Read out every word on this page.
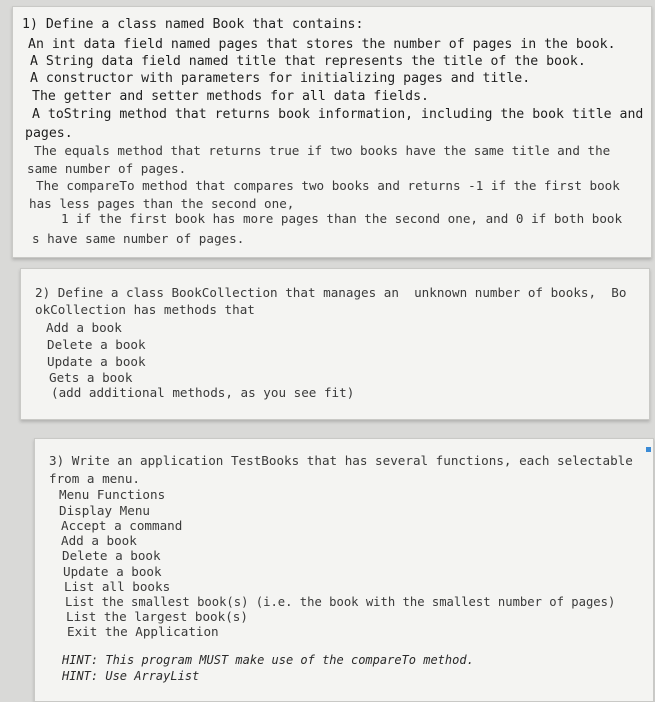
1) Define a class named Book that contains:
An int data field named pages that stores the number of pages in the book.
A String data field named title that represents the title of the book.
A constructor with parameters for initializing pages and title.
The getter and setter methods for all data fields.
A toString method that returns book information, including the book title and
pages.
The equals method that returns true if two books have the same title and the
same number of pages.
The compareTo method that compares two books and returns -1 if the first book
has less pages than the second one,
1 if the first book has more pages than the second one, and 0 if both book
s have same number of pages.
2) Define a class BookCollection that manages an  unknown number of books,  Bo
okCollection has methods that
Add a book
Delete a book
Update a book
Gets a book
(add additional methods, as you see fit)
3) Write an application TestBooks that has several functions, each selectable
from a menu.
Menu Functions
Display Menu
Accept a command
Add a book
Delete a book
Update a book
List all books
List the smallest book(s) (i.e. the book with the smallest number of pages)
List the largest book(s)
Exit the Application
HINT: This program MUST make use of the compareTo method.
HINT: Use ArrayList
